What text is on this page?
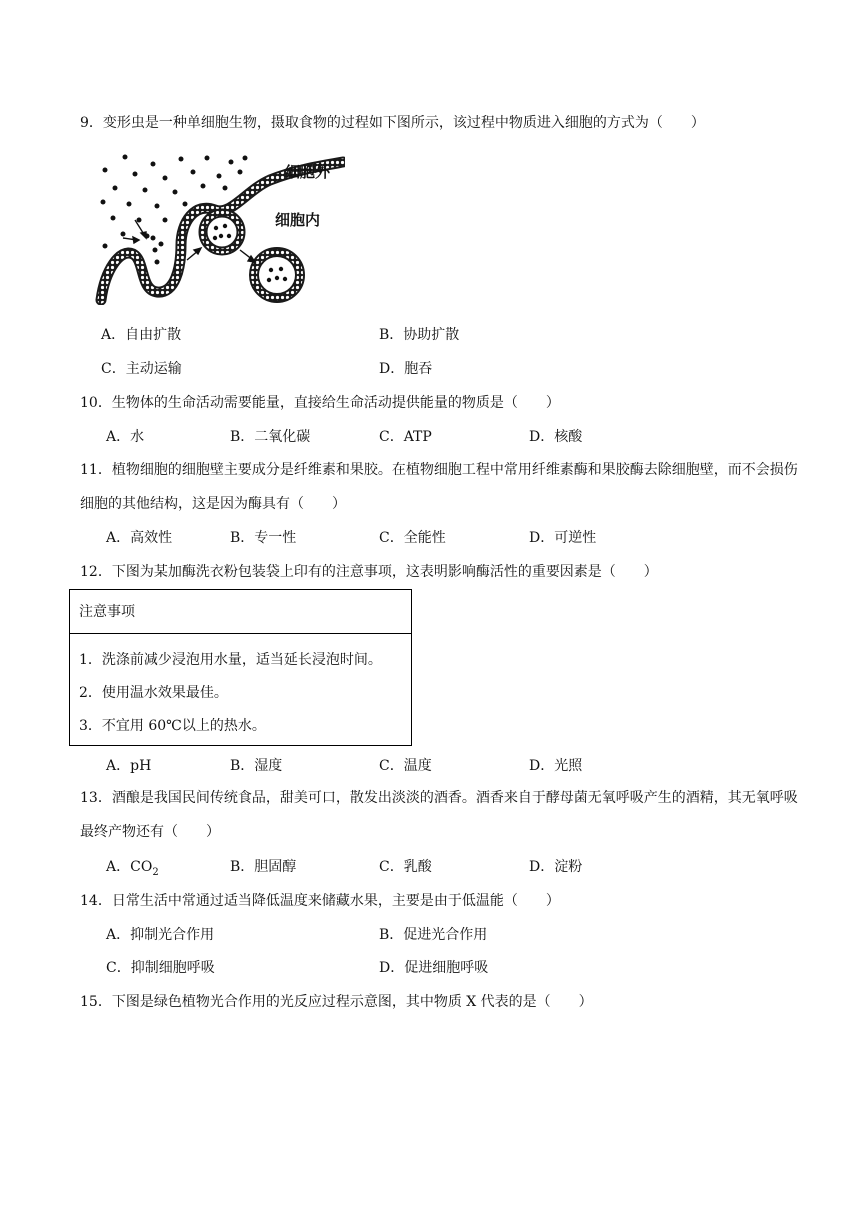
9．变形虫是一种单细胞生物，摄取食物的过程如下图所示，该过程中物质进入细胞的方式为（　　）
细胞外
细胞内
A．自由扩散	B．协助扩散
C．主动运输	D．胞吞
10．生物体的生命活动需要能量，直接给生命活动提供能量的物质是（　　）
A．水	B．二氧化碳	C．ATP	D．核酸
11．植物细胞的细胞壁主要成分是纤维素和果胶。在植物细胞工程中常用纤维素酶和果胶酶去除细胞壁，而不会损伤细胞的其他结构，这是因为酶具有（　　）
A．高效性	B．专一性	C．全能性	D．可逆性
12．下图为某加酶洗衣粉包装袋上印有的注意事项，这表明影响酶活性的重要因素是（　　）
注意事项
1．洗涤前减少浸泡用水量，适当延长浸泡时间。
2．使用温水效果最佳。
3．不宜用 60℃以上的热水。
A．pH	B．湿度	C．温度	D．光照
13．酒酿是我国民间传统食品，甜美可口，散发出淡淡的酒香。酒香来自于酵母菌无氧呼吸产生的酒精，其无氧呼吸最终产物还有（　　）
A．$CO_2$	B．胆固醇	C．乳酸	D．淀粉
14．日常生活中常通过适当降低温度来储藏水果，主要是由于低温能（　　）
A．抑制光合作用	B．促进光合作用
C．抑制细胞呼吸	D．促进细胞呼吸
15．下图是绿色植物光合作用的光反应过程示意图，其中物质 X 代表的是（　　）
